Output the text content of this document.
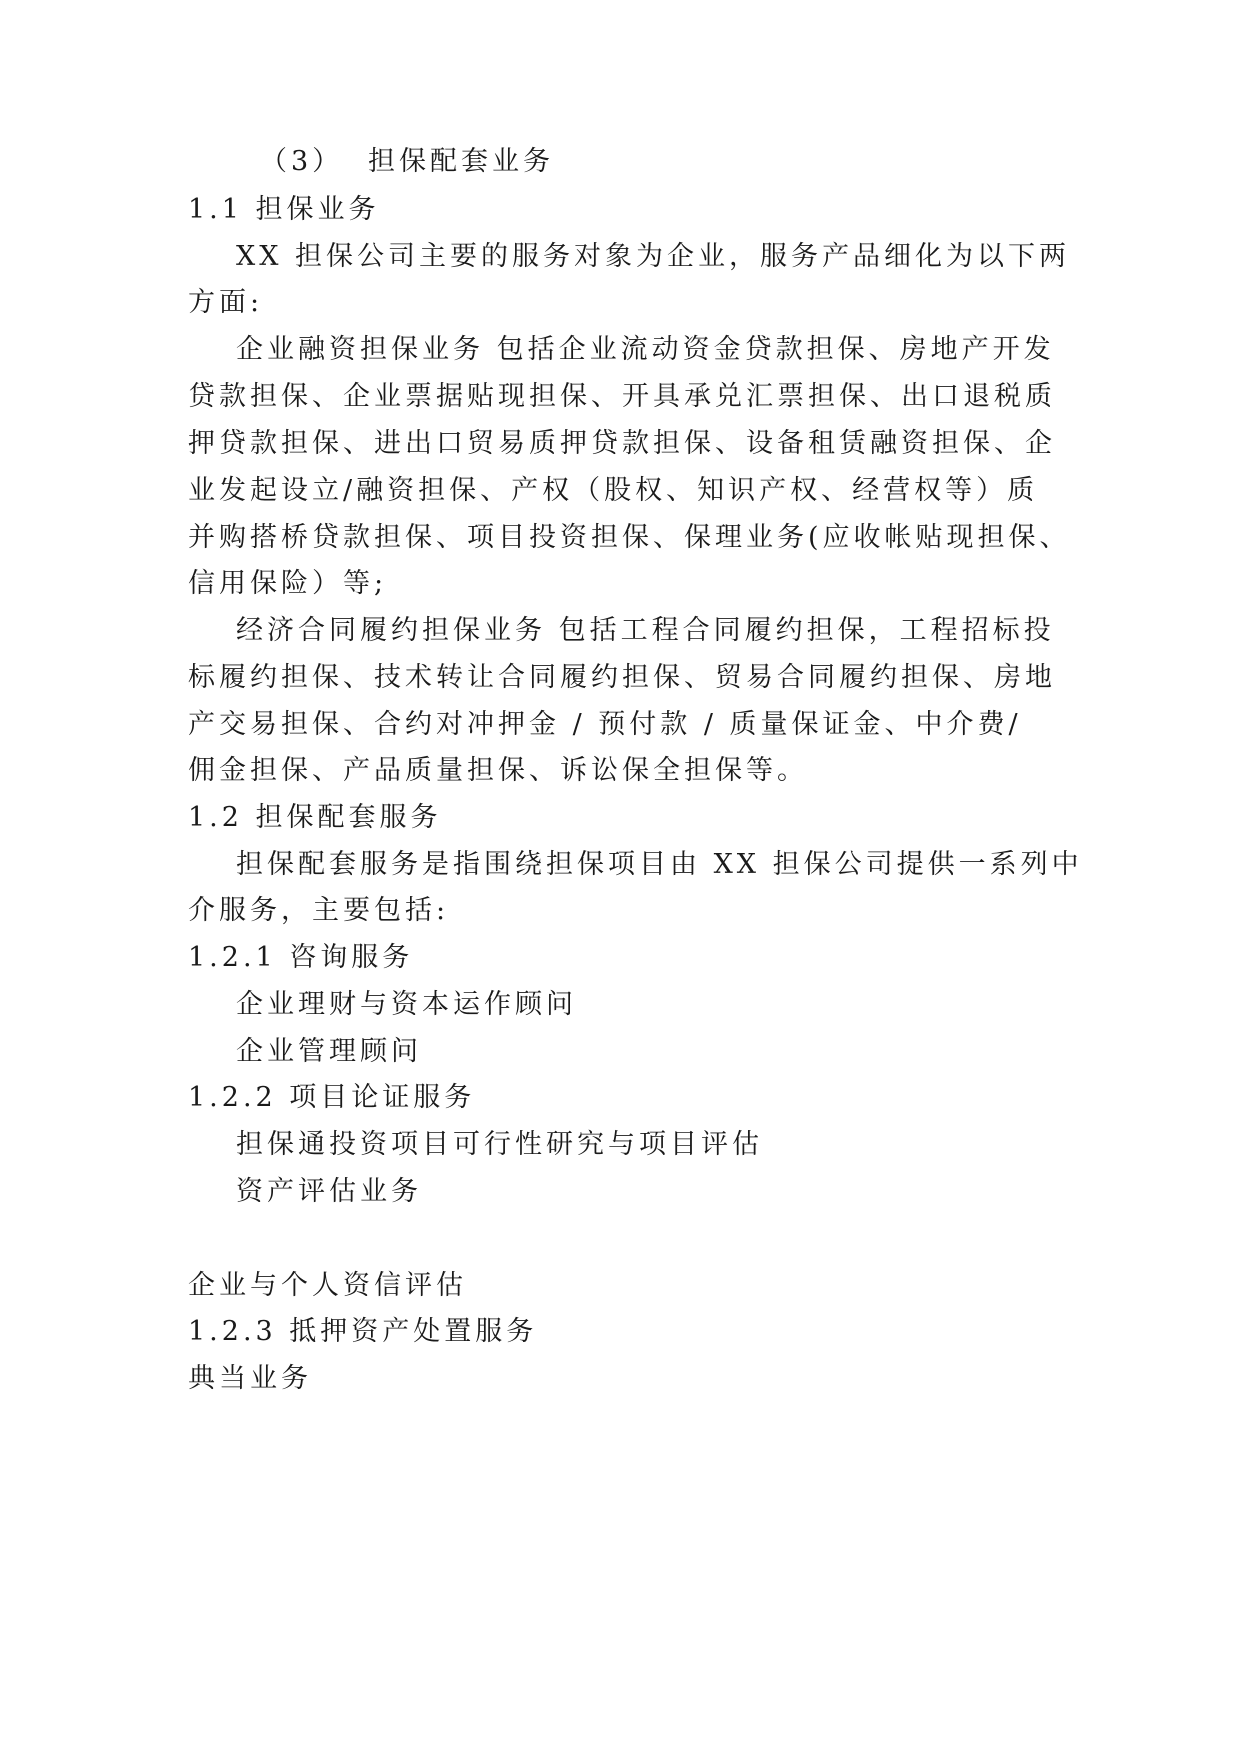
（3） 担保配套业务

1.1 担保业务

XX 担保公司主要的服务对象为企业，服务产品细化为以下两

方面:

企业融资担保业务 包括企业流动资金贷款担保、房地产开发

贷款担保、企业票据贴现担保、开具承兑汇票担保、出口退税质

押贷款担保、进出口贸易质押贷款担保、设备租赁融资担保、企

业发起设立/融资担保、产权（股权、知识产权、经营权等）质

并购搭桥贷款担保、项目投资担保、保理业务(应收帐贴现担保、

信用保险）等;

经济合同履约担保业务 包括工程合同履约担保，工程招标投

标履约担保、技术转让合同履约担保、贸易合同履约担保、房地

产交易担保、合约对冲押金 / 预付款 / 质量保证金、中介费/

佣金担保、产品质量担保、诉讼保全担保等。

1.2 担保配套服务

担保配套服务是指围绕担保项目由 XX 担保公司提供一系列中

介服务，主要包括:

1.2.1 咨询服务

企业理财与资本运作顾问

企业管理顾问

1.2.2 项目论证服务

担保通投资项目可行性研究与项目评估

资产评估业务

企业与个人资信评估

1.2.3 抵押资产处置服务

典当业务
